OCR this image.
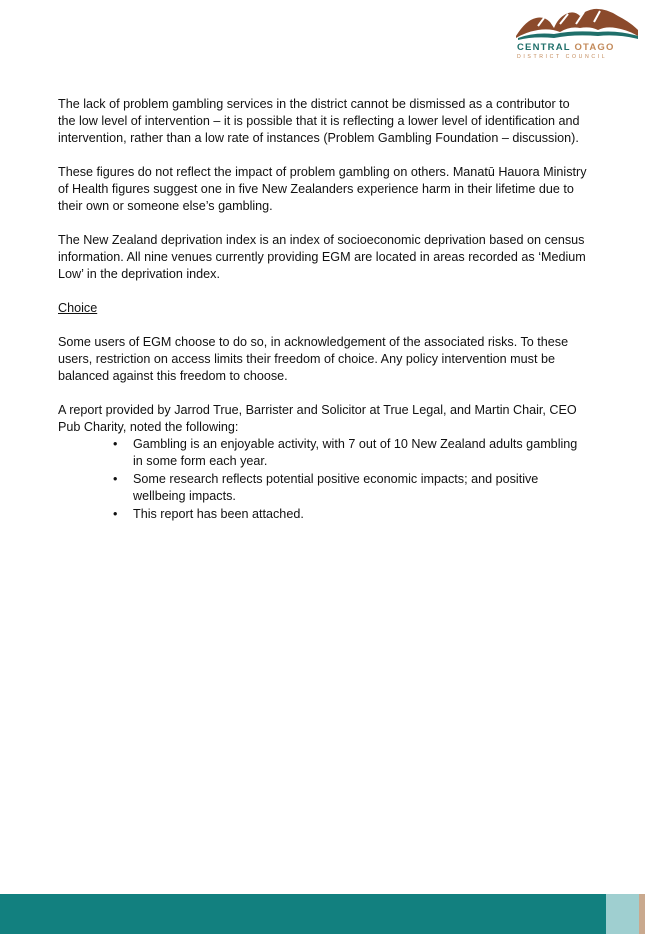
CENTRAL OTAGO
DISTRICT COUNCIL

The lack of problem gambling services in the district cannot be dismissed as a contributor to the low level of intervention – it is possible that it is reflecting a lower level of identification and intervention, rather than a low rate of instances (Problem Gambling Foundation – discussion).

These figures do not reflect the impact of problem gambling on others. Manatū Hauora Ministry of Health figures suggest one in five New Zealanders experience harm in their lifetime due to their own or someone else’s gambling.

The New Zealand deprivation index is an index of socioeconomic deprivation based on census information. All nine venues currently providing EGM are located in areas recorded as ‘Medium Low’ in the deprivation index.

Choice

Some users of EGM choose to do so, in acknowledgement of the associated risks. To these users, restriction on access limits their freedom of choice. Any policy intervention must be balanced against this freedom to choose.

A report provided by Jarrod True, Barrister and Solicitor at True Legal, and Martin Chair, CEO Pub Charity, noted the following:

• Gambling is an enjoyable activity, with 7 out of 10 New Zealand adults gambling in some form each year.
• Some research reflects potential positive economic impacts; and positive wellbeing impacts.
• This report has been attached.
